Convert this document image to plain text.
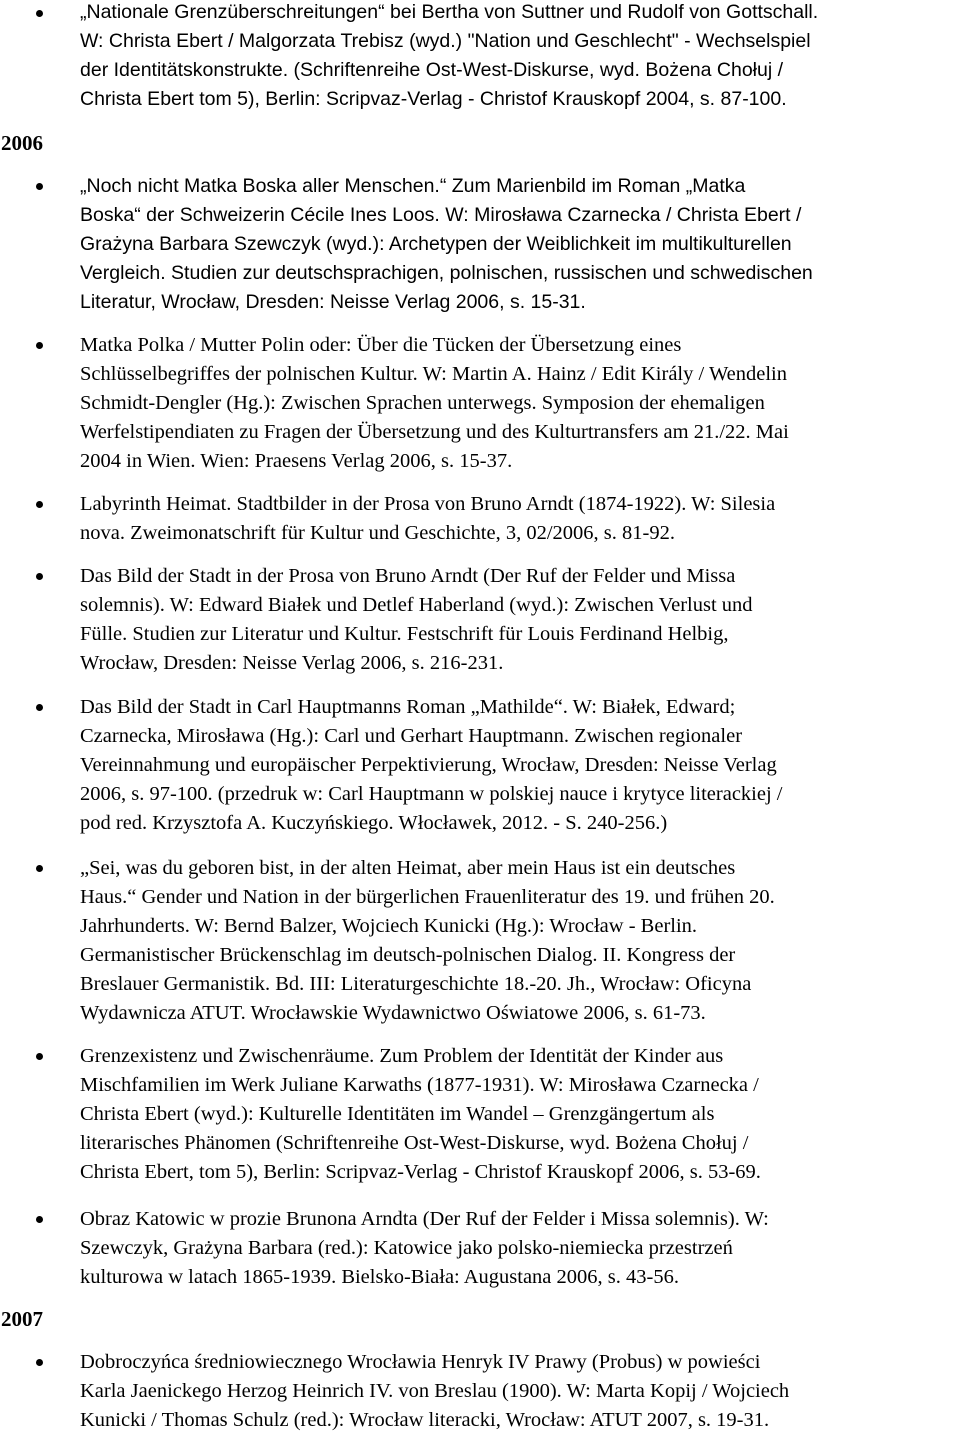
2006
2007
„Nationale Grenzüberschreitungen“ bei Bertha von Suttner und Rudolf von Gottschall.
W: Christa Ebert / Malgorzata Trebisz (wyd.) "Nation und Geschlecht" - Wechselspiel
der Identitätskonstrukte. (Schriftenreihe Ost-West-Diskurse, wyd. Bożena Chołuj /
Christa Ebert tom 5), Berlin: Scripvaz-Verlag - Christof Krauskopf 2004, s. 87-100.
„Noch nicht Matka Boska aller Menschen.“ Zum Marienbild im Roman „Matka
Boska“ der Schweizerin Cécile Ines Loos. W: Mirosława Czarnecka / Christa Ebert /
Grażyna Barbara Szewczyk (wyd.): Archetypen der Weiblichkeit im multikulturellen
Vergleich. Studien zur deutschsprachigen, polnischen, russischen und schwedischen
Literatur, Wrocław, Dresden: Neisse Verlag 2006, s. 15-31.
Matka Polka / Mutter Polin oder: Über die Tücken der Übersetzung eines
Schlüsselbegriffes der polnischen Kultur. W: Martin A. Hainz / Edit Király / Wendelin
Schmidt-Dengler (Hg.): Zwischen Sprachen unterwegs. Symposion der ehemaligen
Werfelstipendiaten zu Fragen der Übersetzung und des Kulturtransfers am 21./22. Mai
2004 in Wien. Wien: Praesens Verlag 2006, s. 15-37.
Labyrinth Heimat. Stadtbilder in der Prosa von Bruno Arndt (1874-1922). W: Silesia
nova. Zweimonatschrift für Kultur und Geschichte, 3, 02/2006, s. 81-92.
Das Bild der Stadt in der Prosa von Bruno Arndt (Der Ruf der Felder und Missa
solemnis). W: Edward Białek und Detlef Haberland (wyd.): Zwischen Verlust und
Fülle. Studien zur Literatur und Kultur. Festschrift für Louis Ferdinand Helbig,
Wrocław, Dresden: Neisse Verlag 2006, s. 216-231.
Das Bild der Stadt in Carl Hauptmanns Roman „Mathilde“. W: Białek, Edward;
Czarnecka, Mirosława (Hg.): Carl und Gerhart Hauptmann. Zwischen regionaler
Vereinnahmung und europäischer Perpektivierung, Wrocław, Dresden: Neisse Verlag
2006, s. 97-100. (przedruk w: Carl Hauptmann w polskiej nauce i krytyce literackiej /
pod red. Krzysztofa A. Kuczyńskiego. Włocławek, 2012. - S. 240-256.)
„Sei, was du geboren bist, in der alten Heimat, aber mein Haus ist ein deutsches
Haus.“ Gender und Nation in der bürgerlichen Frauenliteratur des 19. und frühen 20.
Jahrhunderts. W: Bernd Balzer, Wojciech Kunicki (Hg.): Wrocław - Berlin.
Germanistischer Brückenschlag im deutsch-polnischen Dialog. II. Kongress der
Breslauer Germanistik. Bd. III: Literaturgeschichte 18.-20. Jh., Wrocław: Oficyna
Wydawnicza ATUT. Wrocławskie Wydawnictwo Oświatowe 2006, s. 61-73.
Grenzexistenz und Zwischenräume. Zum Problem der Identität der Kinder aus
Mischfamilien im Werk Juliane Karwaths (1877-1931). W: Mirosława Czarnecka /
Christa Ebert (wyd.): Kulturelle Identitäten im Wandel – Grenzgängertum als
literarisches Phänomen (Schriftenreihe Ost-West-Diskurse, wyd. Bożena Chołuj /
Christa Ebert, tom 5), Berlin: Scripvaz-Verlag - Christof Krauskopf 2006, s. 53-69.
Obraz Katowic w prozie Brunona Arndta (Der Ruf der Felder i Missa solemnis). W:
Szewczyk, Grażyna Barbara (red.): Katowice jako polsko-niemiecka przestrzeń
kulturowa w latach 1865-1939. Bielsko-Biała: Augustana 2006, s. 43-56.
Dobroczyńca średniowiecznego Wrocławia Henryk IV Prawy (Probus) w powieści
Karla Jaenickego Herzog Heinrich IV. von Breslau (1900). W: Marta Kopij / Wojciech
Kunicki / Thomas Schulz (red.): Wrocław literacki, Wrocław: ATUT 2007, s. 19-31.
